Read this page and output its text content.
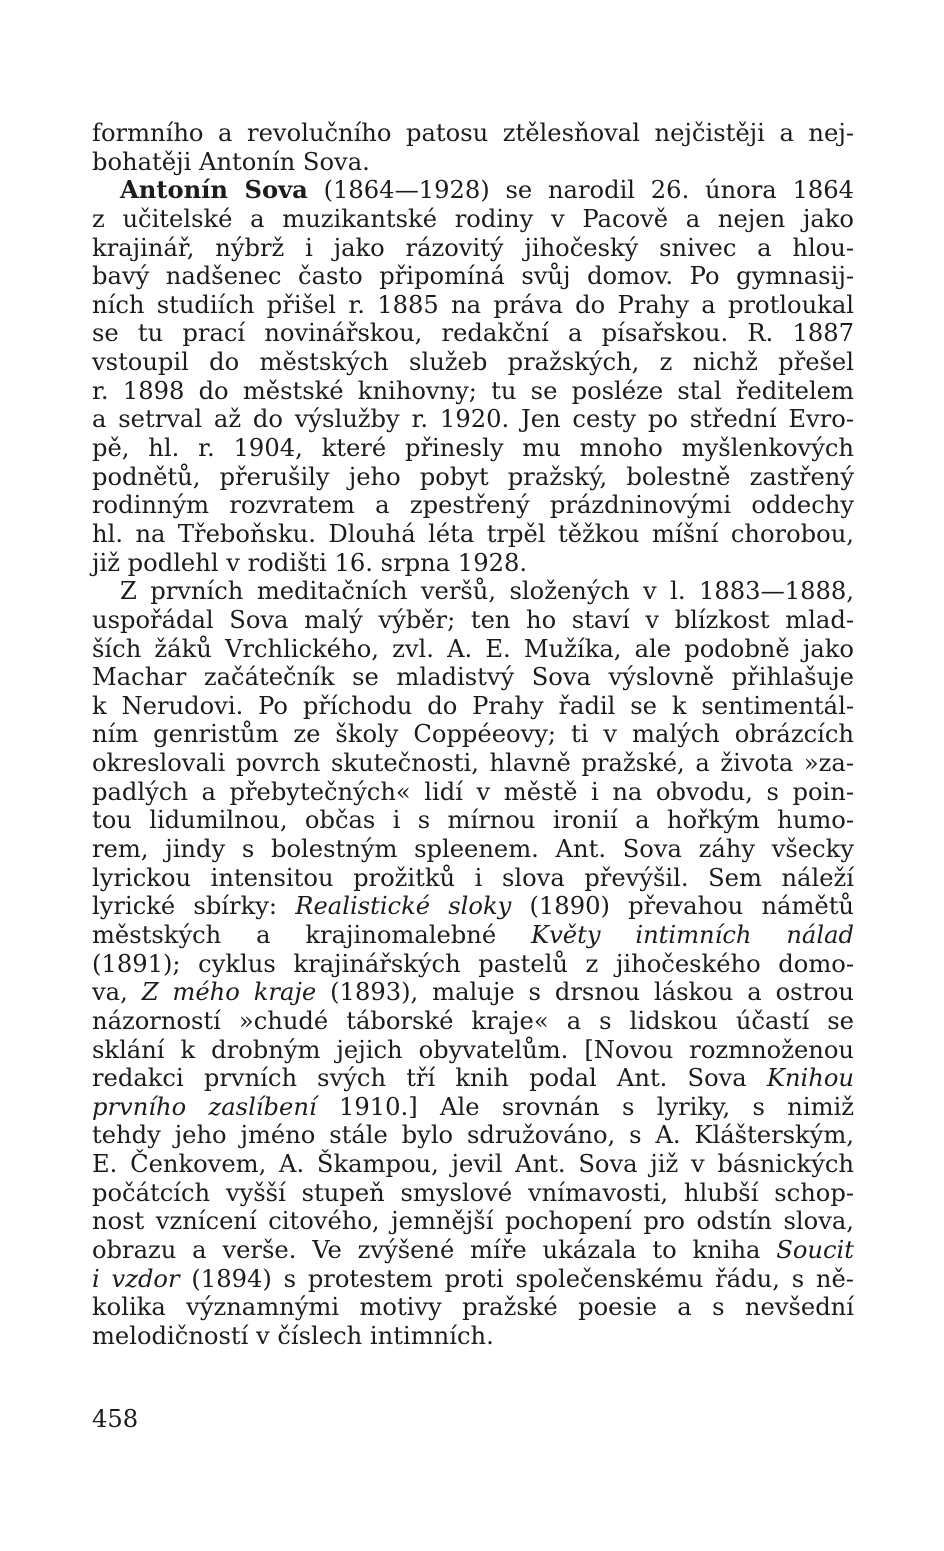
formního a revolučního patosu ztělesňoval nejčistěji a nej-
bohatěji Antonín Sova.
Antonín Sova (1864—1928) se narodil 26. února 1864
z učitelské a muzikantské rodiny v Pacově a nejen jako
krajinář, nýbrž i jako rázovitý jihočeský snivec a hlou-
bavý nadšenec často připomíná svůj domov. Po gymnasij-
ních studiích přišel r. 1885 na práva do Prahy a protloukal
se tu prací novinářskou, redakční a písařskou. R. 1887
vstoupil do městských služeb pražských, z nichž přešel
r. 1898 do městské knihovny; tu se posléze stal ředitelem
a setrval až do výslužby r. 1920. Jen cesty po střední Evro-
pě, hl. r. 1904, které přinesly mu mnoho myšlenkových
podnětů, přerušily jeho pobyt pražský, bolestně zastřený
rodinným rozvratem a zpestřený prázdninovými oddechy
hl. na Třeboňsku. Dlouhá léta trpěl těžkou míšní chorobou,
již podlehl v rodišti 16. srpna 1928.
Z prvních meditačních veršů, složených v l. 1883—1888,
uspořádal Sova malý výběr; ten ho staví v blízkost mlad-
ších žáků Vrchlického, zvl. A. E. Mužíka, ale podobně jako
Machar začátečník se mladistvý Sova výslovně přihlašuje
k Nerudovi. Po příchodu do Prahy řadil se k sentimentál-
ním genristům ze školy Coppéeovy; ti v malých obrázcích
okreslovali povrch skutečnosti, hlavně pražské, a života »za-
padlých a přebytečných« lidí v městě i na obvodu, s poin-
tou lidumilnou, občas i s mírnou ironií a hořkým humo-
rem, jindy s bolestným spleenem. Ant. Sova záhy všecky
lyrickou intensitou prožitků i slova převýšil. Sem náleží
lyrické sbírky: Realistické sloky (1890) převahou námětů
městských a krajinomalebné Květy intimních nálad
(1891); cyklus krajinářských pastelů z jihočeského domo-
va, Z mého kraje (1893), maluje s drsnou láskou a ostrou
názorností »chudé táborské kraje« a s lidskou účastí se
sklání k drobným jejich obyvatelům. [Novou rozmnoženou
redakci prvních svých tří knih podal Ant. Sova Knihou
prvního zaslíbení 1910.] Ale srovnán s lyriky, s nimiž
tehdy jeho jméno stále bylo sdružováno, s A. Klášterským,
E. Čenkovem, A. Škampou, jevil Ant. Sova již v básnických
počátcích vyšší stupeň smyslové vnímavosti, hlubší schop-
nost vznícení citového, jemnější pochopení pro odstín slova,
obrazu a verše. Ve zvýšené míře ukázala to kniha Soucit
i vzdor (1894) s protestem proti společenskému řádu, s ně-
kolika významnými motivy pražské poesie a s nevšední
melodičností v číslech intimních.
458
